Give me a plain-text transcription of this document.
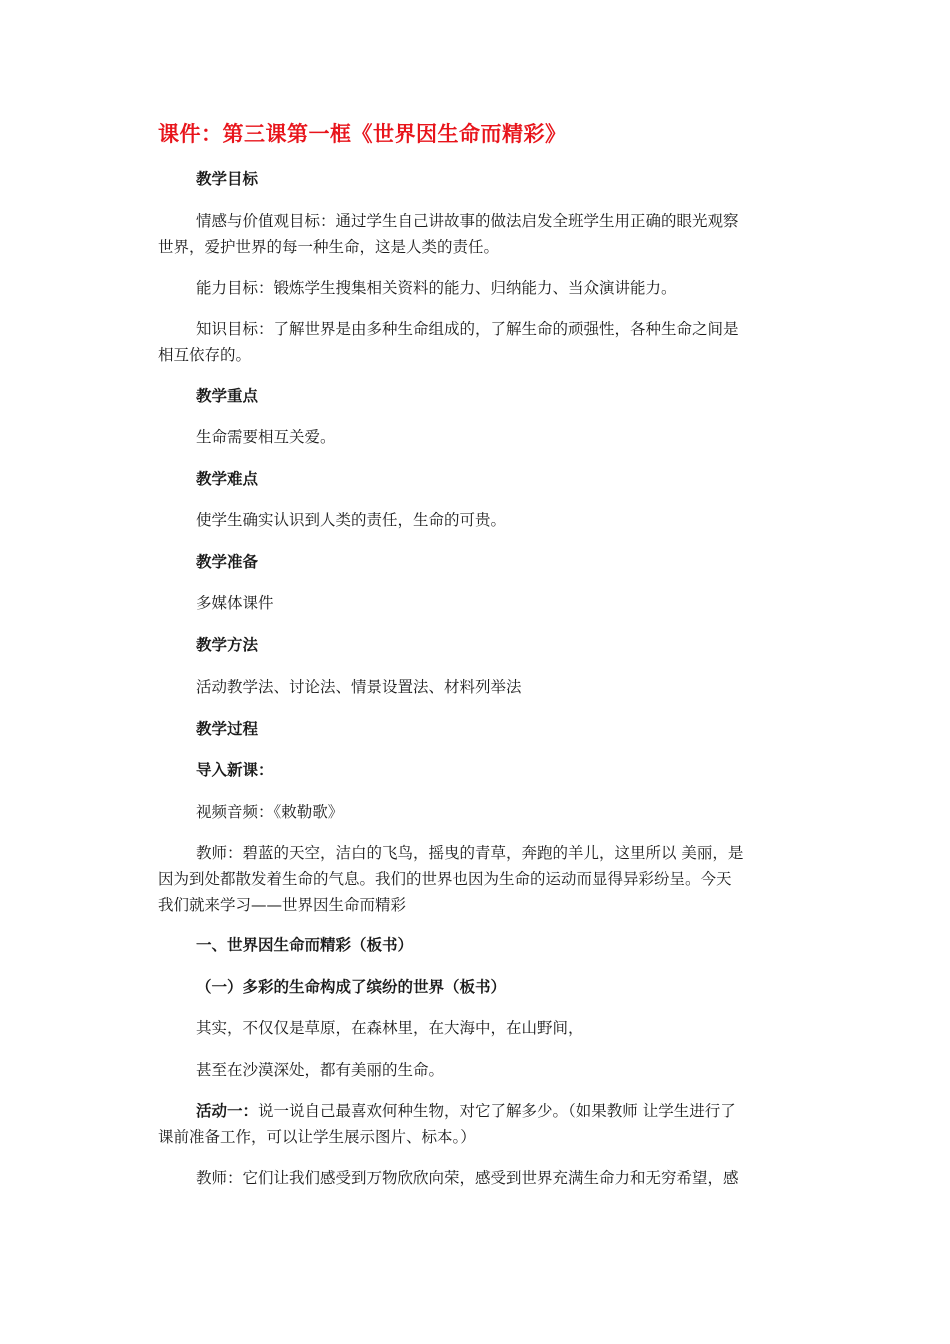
课件：第三课第一框《世界因生命而精彩》
教学目标
情感与价值观目标：通过学生自己讲故事的做法启发全班学生用正确的眼光观察
世界，爱护世界的每一种生命，这是人类的责任。
能力目标：锻炼学生搜集相关资料的能力、归纳能力、当众演讲能力。
知识目标：了解世界是由多种生命组成的，了解生命的顽强性，各种生命之间是
相互依存的。
教学重点
生命需要相互关爱。
教学难点
使学生确实认识到人类的责任，生命的可贵。
教学准备
多媒体课件
教学方法
活动教学法、讨论法、情景设置法、材料列举法
教学过程
导入新课：
视频音频：《敕勒歌》
教师：碧蓝的天空，洁白的飞鸟，摇曳的青草，奔跑的羊儿，这里所以 美丽，是
因为到处都散发着生命的气息。我们的世界也因为生命的运动而显得异彩纷呈。今天
我们就来学习——世界因生命而精彩
一、世界因生命而精彩（板书）
（一）多彩的生命构成了缤纷的世界（板书）
其实，不仅仅是草原，在森林里，在大海中，在山野间，
甚至在沙漠深处，都有美丽的生命。
活动一：说一说自己最喜欢何种生物，对它了解多少。（如果教师 让学生进行了
课前准备工作，可以让学生展示图片、标本。）
教师：它们让我们感受到万物欣欣向荣，感受到世界充满生命力和无穷希望，感
